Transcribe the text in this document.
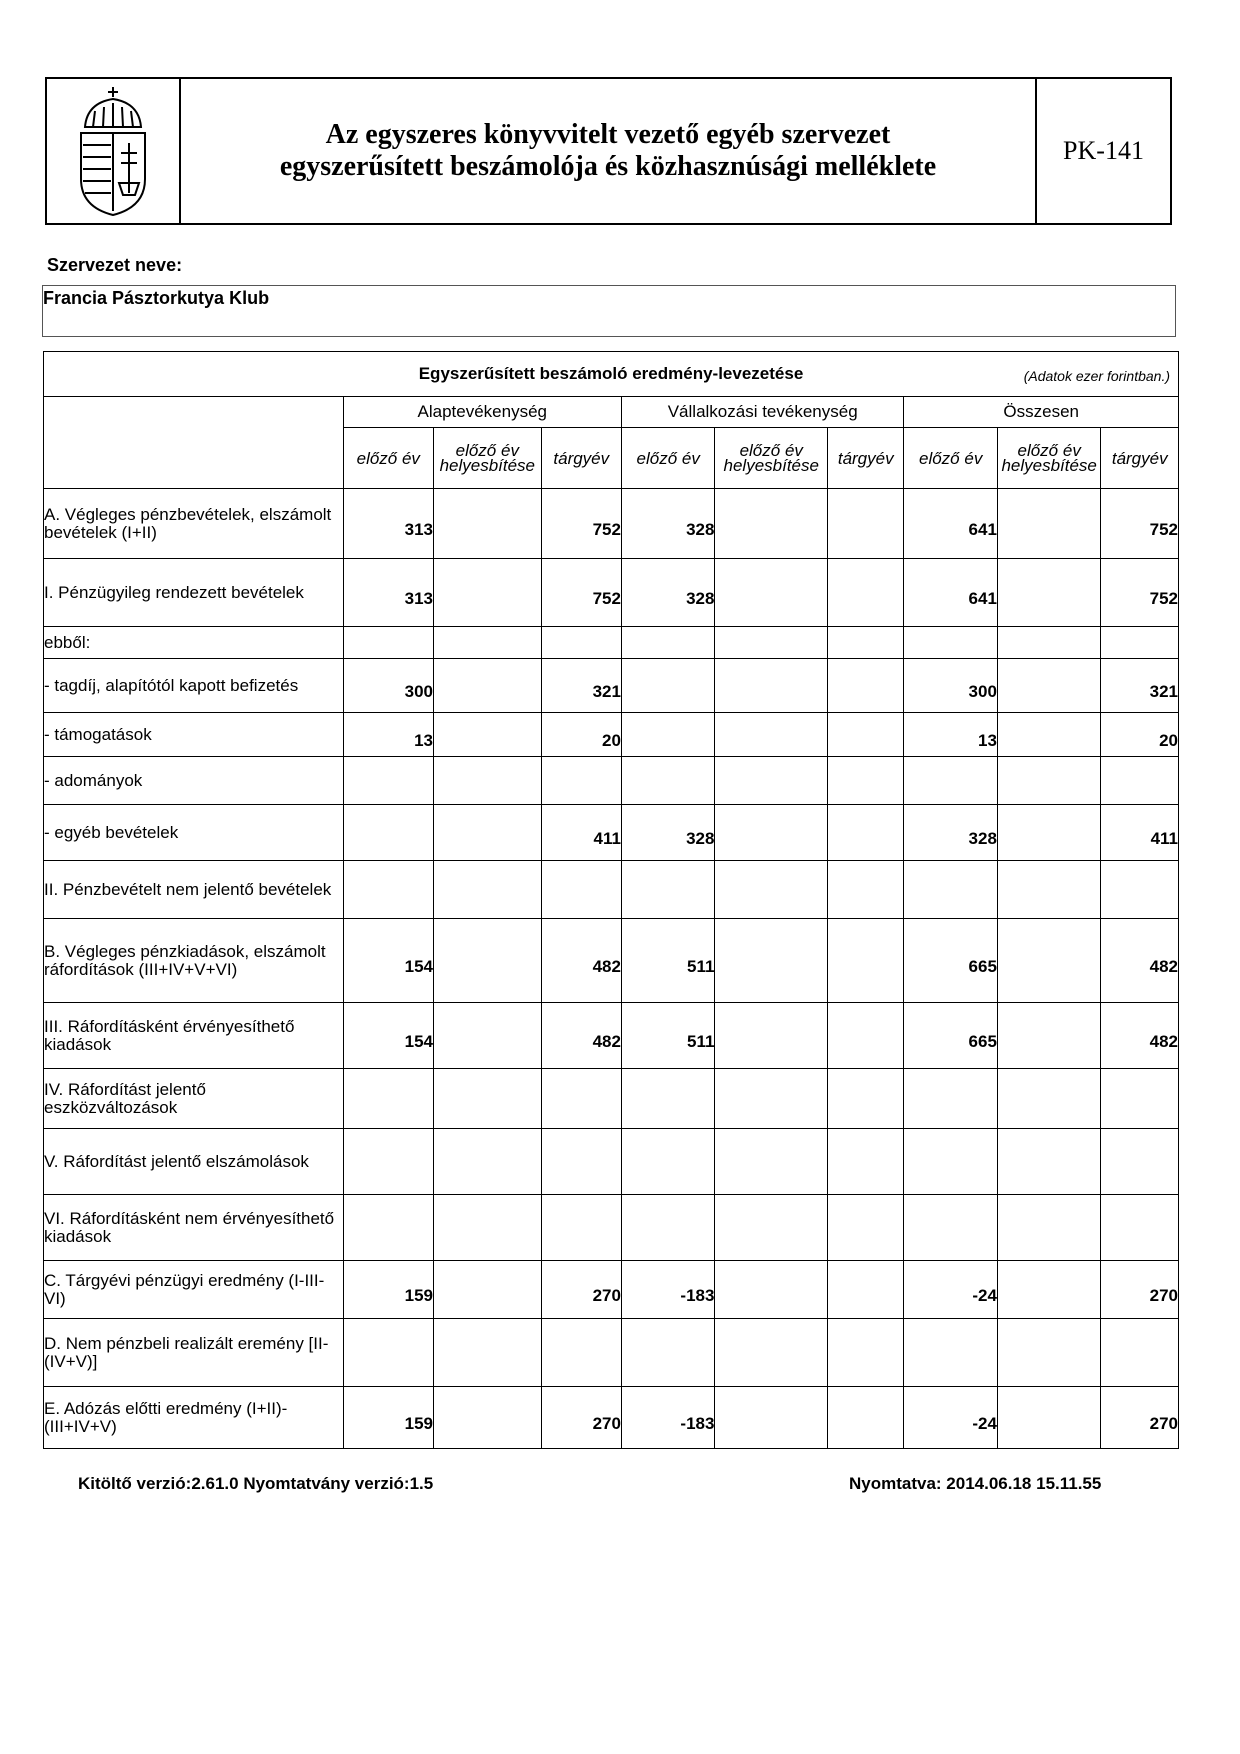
Az egyszeres könyvvitelt vezető egyéb szervezet
egyszerűsített beszámolója és közhasznúsági melléklete
PK-141
Szervezet neve:
Francia Pásztorkutya Klub
Egyszerűsített beszámoló eredmény-levezetése (Adatok ezer forintban.)									

	Alaptevékenység			Vállalkozási tevékenység			Összesen		
	előző év	előző év helyesbítése	tárgyév	előző év	előző év helyesbítése	tárgyév	előző év	előző év helyesbítése	tárgyév
A. Végleges pénzbevételek, elszámolt bevételek (I+II)	313		752	328			641		752
I. Pénzügyileg rendezett bevételek	313		752	328			641		752
ebből:									
- tagdíj, alapítótól kapott befizetés	300		321				300		321
- támogatások	13		20				13		20
- adományok									
- egyéb bevételek			411	328			328		411
II. Pénzbevételt nem jelentő bevételek									
B. Végleges pénzkiadások, elszámolt ráfordítások (III+IV+V+VI)	154		482	511			665		482
III. Ráfordításként érvényesíthető kiadások	154		482	511			665		482
IV. Ráfordítást jelentő eszközváltozások									
V. Ráfordítást jelentő elszámolások									
VI. Ráfordításként nem érvényesíthető kiadások									
C. Tárgyévi pénzügyi eredmény (I-III-VI)	159		270	-183			-24		270
D. Nem pénzbeli realizált eremény [II-(IV+V)]									
E. Adózás előtti eredmény (I+II)-(III+IV+V)	159		270	-183			-24		270
Kitöltő verzió:2.61.0 Nyomtatvány verzió:1.5	Nyomtatva: 2014.06.18 15.11.55
